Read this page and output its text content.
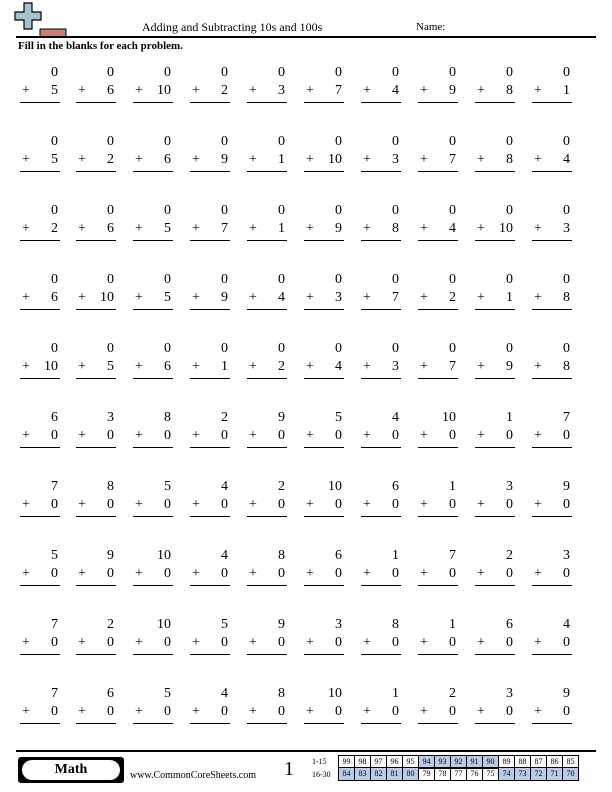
Adding and Subtracting 10s and 100s	Name:
Fill in the blanks for each problem.
0
+ 5
0
+ 6
0
+ 10
0
+ 2
0
+ 3
0
+ 7
0
+ 4
0
+ 9
0
+ 8
0
+ 1
0
+ 5
0
+ 2
0
+ 6
0
+ 9
0
+ 1
0
+ 10
0
+ 3
0
+ 7
0
+ 8
0
+ 4
0
+ 2
0
+ 6
0
+ 5
0
+ 7
0
+ 1
0
+ 9
0
+ 8
0
+ 4
0
+ 10
0
+ 3
0
+ 6
0
+ 10
0
+ 5
0
+ 9
0
+ 4
0
+ 3
0
+ 7
0
+ 2
0
+ 1
0
+ 8
0
+ 10
0
+ 5
0
+ 6
0
+ 1
0
+ 2
0
+ 4
0
+ 3
0
+ 7
0
+ 9
0
+ 8
6
+ 0
3
+ 0
8
+ 0
2
+ 0
9
+ 0
5
+ 0
4
+ 0
10
+ 0
1
+ 0
7
+ 0
7
+ 0
8
+ 0
5
+ 0
4
+ 0
2
+ 0
10
+ 0
6
+ 0
1
+ 0
3
+ 0
9
+ 0
5
+ 0
9
+ 0
10
+ 0
4
+ 0
8
+ 0
6
+ 0
1
+ 0
7
+ 0
2
+ 0
3
+ 0
7
+ 0
2
+ 0
10
+ 0
5
+ 0
9
+ 0
3
+ 0
8
+ 0
1
+ 0
6
+ 0
4
+ 0
7
+ 0
6
+ 0
5
+ 0
4
+ 0
8
+ 0
10
+ 0
1
+ 0
2
+ 0
3
+ 0
9
+ 0
Math	www.CommonCoreSheets.com 1 1-15	99	98	97	96	95	94	93	92	91	90	89	88	87	86	85
16-30	84	83	82	81	80	79	78	77	76	75	74	73	72	71	70
